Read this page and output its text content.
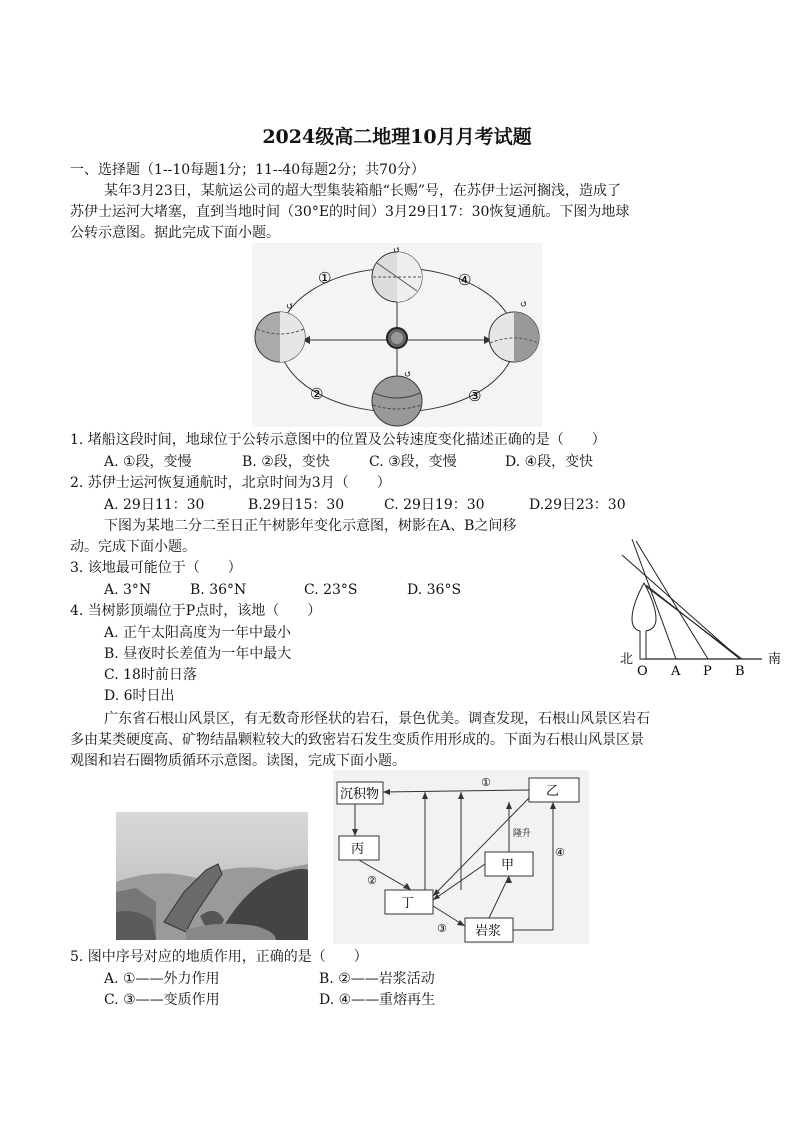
2024级高二地理10月月考试题
一、选择题（1--10每题1分；11--40每题2分；共70分）
某年3月23日，某航运公司的超大型集装箱船“长赐”号，在苏伊士运河搁浅，造成了
苏伊士运河大堵塞，直到当地时间（30°E的时间）3月29日17：30恢复通航。下图为地球
公转示意图。据此完成下面小题。
↺
↺	↺
↺
①	④
②	③
1. 堵船这段时间，地球位于公转示意图中的位置及公转速度变化描述正确的是（　　）
A. ①段，变慢	B. ②段，变快	C. ③段，变慢	D. ④段，变快
2. 苏伊士运河恢复通航时，北京时间为3月（　　）
A. 29日11：30	B.29日15：30	C. 29日19：30	D.29日23：30
下图为某地二分二至日正午树影年变化示意图，树影在A、B之间移
动。完成下面小题。
3. 该地最可能位于（　　）
A. 3°N	B. 36°N	C. 23°S	D. 36°S
4. 当树影顶端位于P点时，该地（　　）
A. 正午太阳高度为一年中最小
B. 昼夜时长差值为一年中最大
C. 18时前日落
D. 6时日出
北	南
O A P B
广东省石根山风景区，有无数奇形怪状的岩石，景色优美。调查发现，石根山风景区岩石
多由某类硬度高、矿物结晶颗粒较大的致密岩石发生变质作用形成的。下面为石根山风景区景
观图和岩石圈物质循环示意图。读图，完成下面小题。
沉积物	乙
丙
甲
丁
岩浆
①
隆升
④
②
③
5. 图中序号对应的地质作用，正确的是（　　）
A. ①——外力作用	B. ②——岩浆活动
C. ③——变质作用	D. ④——重熔再生
